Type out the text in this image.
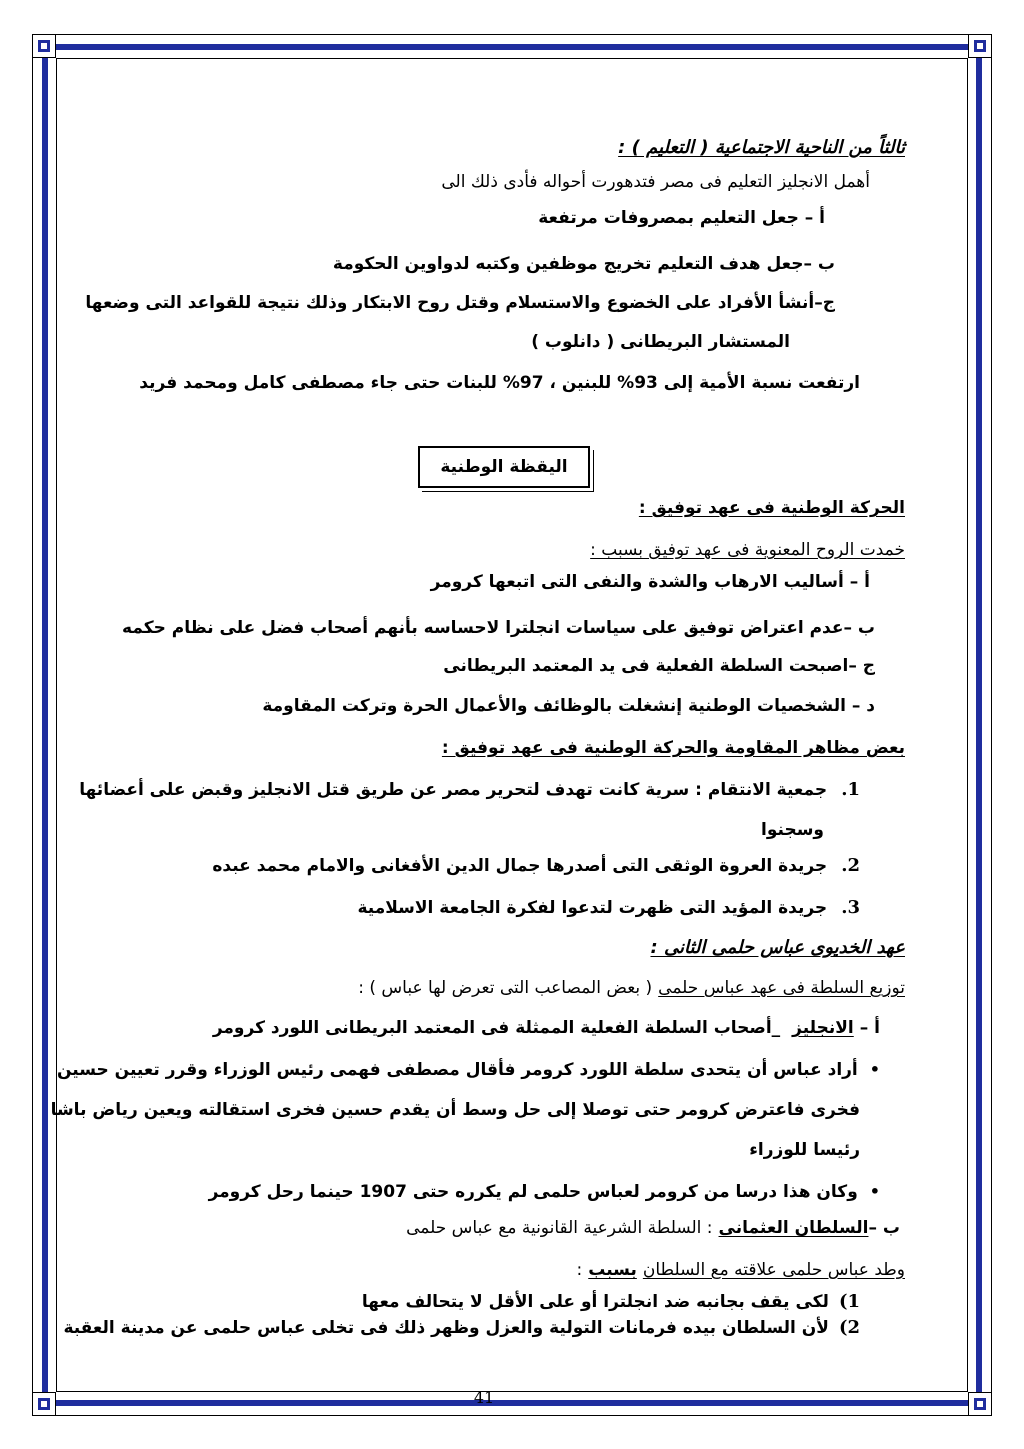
ثالثاً من الناحية الاجتماعية ( التعليم ) :
أهمل الانجليز التعليم فى مصر فتدهورت أحواله فأدى ذلك الى
أ – جعل التعليم بمصروفات مرتفعة
ب –جعل هدف التعليم تخريج موظفين وكتبه لدواوين الحكومة
ج–أنشأ الأفراد على الخضوع والاستسلام وقتل روح الابتكار وذلك نتيجة للقواعد التى وضعها
المستشار البريطانى ( دانلوب )
ارتفعت نسبة الأمية إلى 93% للبنين ، 97% للبنات حتى جاء مصطفى كامل ومحمد فريد
اليقظة الوطنية
الحركة الوطنية فى عهد توفيق :
خمدت الروح المعنوية فى عهد توفيق بسبب :
أ – أساليب الارهاب والشدة والنفى التى اتبعها كرومر
ب –عدم اعتراض توفيق على سياسات انجلترا لاحساسه بأنهم أصحاب فضل على نظام حكمه
ج –اصبحت السلطة الفعلية فى يد المعتمد البريطانى
د – الشخصيات الوطنية إنشغلت بالوظائف والأعمال الحرة وتركت المقاومة
بعض مظاهر المقاومة والحركة الوطنية فى عهد توفيق :
1.جمعية الانتقام : سرية كانت تهدف لتحرير مصر عن طريق قتل الانجليز وقبض على أعضائها
وسجنوا
2.جريدة العروة الوثقى التى أصدرها جمال الدين الأفغانى والامام محمد عبده
3.جريدة المؤيد التى ظهرت لتدعوا لفكرة الجامعة الاسلامية
عهد الخديوى عباس حلمى الثانى :
توزيع السلطة فى عهد عباس حلمى( بعض المصاعب التى تعرض لها عباس ) :
أ –الانجليز_أصحاب السلطة الفعلية الممثلة فى المعتمد البريطانى اللورد كرومر
•أراد عباس أن يتحدى سلطة اللورد كرومر فأقال مصطفى فهمى رئيس الوزراء وقرر تعيين حسين
فخرى فاعترض كرومر حتى توصلا إلى حل وسط أن يقدم حسين فخرى استقالته ويعين رياض باشا
رئيسا للوزراء
•وكان هذا درسا من كرومر لعباس حلمى لم يكرره حتى 1907 حينما رحل كرومر
ب –السلطان العثمانى: السلطة الشرعية القانونية مع عباس حلمى
وطد عباس حلمى علاقته مع السلطانبسبب:
1)لكى يقف بجانبه ضد انجلترا أو على الأقل لا يتحالف معها
2)لأن السلطان بيده فرمانات التولية والعزل وظهر ذلك فى تخلى عباس حلمى عن مدينة العقبة
41
